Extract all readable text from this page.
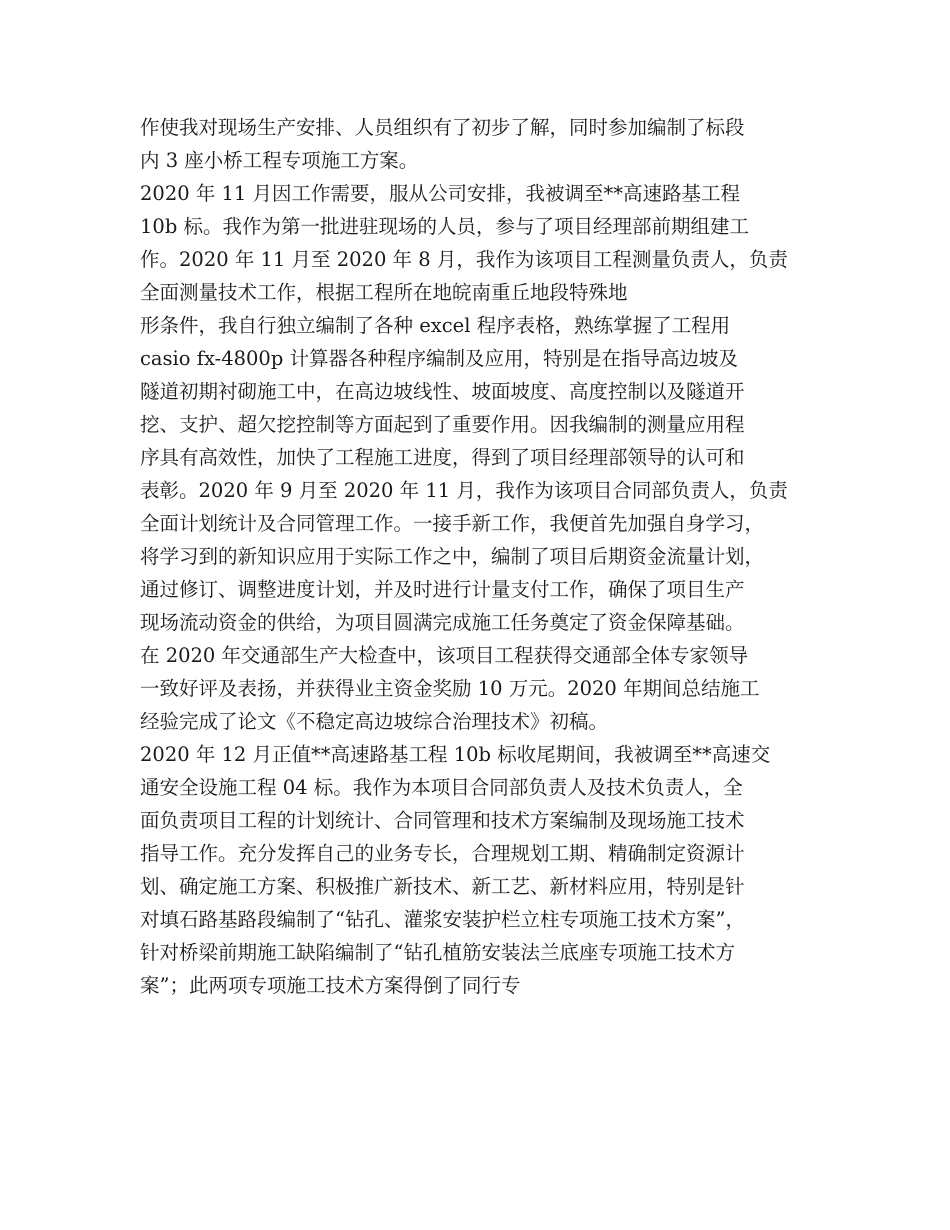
作使我对现场生产安排、人员组织有了初步了解，同时参加编制了标段
内 3 座小桥工程专项施工方案。
2020 年 11 月因工作需要，服从公司安排，我被调至**高速路基工程
10b 标。我作为第一批进驻现场的人员，参与了项目经理部前期组建工
作。2020 年 11 月至 2020 年 8 月，我作为该项目工程测量负责人，负责
全面测量技术工作，根据工程所在地皖南重丘地段特殊地
形条件，我自行独立编制了各种 excel 程序表格，熟练掌握了工程用
casio fx-4800p 计算器各种程序编制及应用，特别是在指导高边坡及
隧道初期衬砌施工中，在高边坡线性、坡面坡度、高度控制以及隧道开
挖、支护、超欠挖控制等方面起到了重要作用。因我编制的测量应用程
序具有高效性，加快了工程施工进度，得到了项目经理部领导的认可和
表彰。2020 年 9 月至 2020 年 11 月，我作为该项目合同部负责人，负责
全面计划统计及合同管理工作。一接手新工作，我便首先加强自身学习，
将学习到的新知识应用于实际工作之中，编制了项目后期资金流量计划，
通过修订、调整进度计划，并及时进行计量支付工作，确保了项目生产
现场流动资金的供给，为项目圆满完成施工任务奠定了资金保障基础。
在 2020 年交通部生产大检查中，该项目工程获得交通部全体专家领导
一致好评及表扬，并获得业主资金奖励 10 万元。2020 年期间总结施工
经验完成了论文《不稳定高边坡综合治理技术》初稿。
2020 年 12 月正值**高速路基工程 10b 标收尾期间，我被调至**高速交
通安全设施工程 04 标。我作为本项目合同部负责人及技术负责人，全
面负责项目工程的计划统计、合同管理和技术方案编制及现场施工技术
指导工作。充分发挥自己的业务专长，合理规划工期、精确制定资源计
划、确定施工方案、积极推广新技术、新工艺、新材料应用，特别是针
对填石路基路段编制了“钻孔、灌浆安装护栏立柱专项施工技术方案”，
针对桥梁前期施工缺陷编制了“钻孔植筋安装法兰底座专项施工技术方
案”；此两项专项施工技术方案得倒了同行专
